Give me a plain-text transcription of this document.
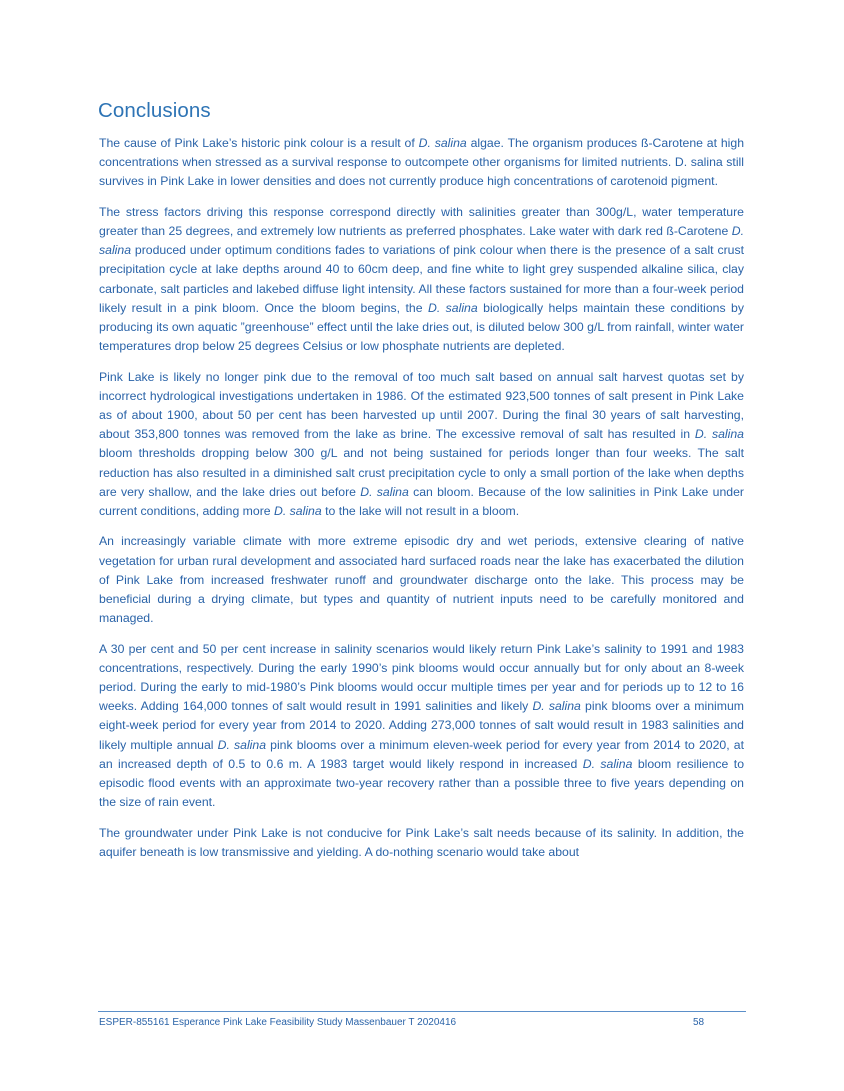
Conclusions

The cause of Pink Lake’s historic pink colour is a result of D. salina algae. The organism produces ß-Carotene at high concentrations when stressed as a survival response to outcompete other organisms for limited nutrients. D. salina still survives in Pink Lake in lower densities and does not currently produce high concentrations of carotenoid pigment.

The stress factors driving this response correspond directly with salinities greater than 300g/L, water temperature greater than 25 degrees, and extremely low nutrients as preferred phosphates. Lake water with dark red ß-Carotene D. salina produced under optimum conditions fades to variations of pink colour when there is the presence of a salt crust precipitation cycle at lake depths around 40 to 60cm deep, and fine white to light grey suspended alkaline silica, clay carbonate, salt particles and lakebed diffuse light intensity. All these factors sustained for more than a four-week period likely result in a pink bloom. Once the bloom begins, the D. salina biologically helps maintain these conditions by producing its own aquatic ”greenhouse” effect until the lake dries out, is diluted below 300 g/L from rainfall, winter water temperatures drop below 25 degrees Celsius or low phosphate nutrients are depleted.

Pink Lake is likely no longer pink due to the removal of too much salt based on annual salt harvest quotas set by incorrect hydrological investigations undertaken in 1986. Of the estimated 923,500 tonnes of salt present in Pink Lake as of about 1900, about 50 per cent has been harvested up until 2007. During the final 30 years of salt harvesting, about 353,800 tonnes was removed from the lake as brine. The excessive removal of salt has resulted in D. salina bloom thresholds dropping below 300 g/L and not being sustained for periods longer than four weeks. The salt reduction has also resulted in a diminished salt crust precipitation cycle to only a small portion of the lake when depths are very shallow, and the lake dries out before D. salina can bloom. Because of the low salinities in Pink Lake under current conditions, adding more D. salina to the lake will not result in a bloom.

An increasingly variable climate with more extreme episodic dry and wet periods, extensive clearing of native vegetation for urban rural development and associated hard surfaced roads near the lake has exacerbated the dilution of Pink Lake from increased freshwater runoff and groundwater discharge onto the lake. This process may be beneficial during a drying climate, but types and quantity of nutrient inputs need to be carefully monitored and managed.

A 30 per cent and 50 per cent increase in salinity scenarios would likely return Pink Lake’s salinity to 1991 and 1983 concentrations, respectively. During the early 1990’s pink blooms would occur annually but for only about an 8-week period. During the early to mid-1980’s Pink blooms would occur multiple times per year and for periods up to 12 to 16 weeks. Adding 164,000 tonnes of salt would result in 1991 salinities and likely D. salina pink blooms over a minimum eight-week period for every year from 2014 to 2020. Adding 273,000 tonnes of salt would result in 1983 salinities and likely multiple annual D. salina pink blooms over a minimum eleven-week period for every year from 2014 to 2020, at an increased depth of 0.5 to 0.6 m. A 1983 target would likely respond in increased D. salina bloom resilience to episodic flood events with an approximate two-year recovery rather than a possible three to five years depending on the size of rain event.

The groundwater under Pink Lake is not conducive for Pink Lake’s salt needs because of its salinity. In addition, the aquifer beneath is low transmissive and yielding. A do-nothing scenario would take about

ESPER-855161 Esperance Pink Lake Feasibility Study Massenbauer T 2020416	58
